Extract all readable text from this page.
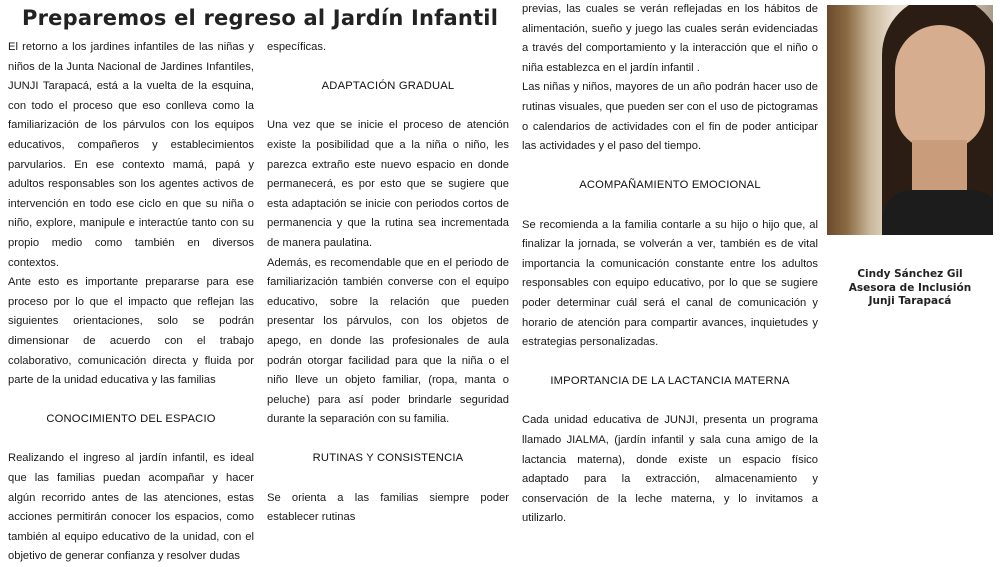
Preparemos el regreso al Jardín Infantil

El retorno a los jardines infantiles de las niñas y niños de la Junta Nacional de Jardines Infantiles, JUNJI Tarapacá, está a la vuelta de la esquina, con todo el proceso que eso conlleva como la familiarización de los párvulos con los equipos educativos, compañeros y establecimientos parvularios. En ese contexto mamá, papá y adultos responsables son los agentes activos de intervención en todo ese ciclo en que su niña o niño, explore, manipule e interactúe tanto con su propio medio como también en diversos contextos.

Ante esto es importante prepararse para ese proceso por lo que el impacto que reflejan las siguientes orientaciones, solo se podrán dimensionar de acuerdo con el trabajo colaborativo, comunicación directa y fluida por parte de la unidad educativa y las familias

CONOCIMIENTO DEL ESPACIO

Realizando el ingreso al jardín infantil, es ideal que las familias puedan acompañar y hacer algún recorrido antes de las atenciones, estas acciones permitirán conocer los espacios, como también al equipo educativo de la unidad, con el objetivo de generar confianza y resolver dudas

específicas.

ADAPTACIÓN GRADUAL

Una vez que se inicie el proceso de atención existe la posibilidad que a la niña o niño, les parezca extraño este nuevo espacio en donde permanecerá, es por esto que se sugiere que esta adaptación se inicie con periodos cortos de permanencia y que la rutina sea incrementada de manera paulatina.

Además, es recomendable que en el periodo de familiarización también converse con el equipo educativo, sobre la relación que pueden presentar los párvulos, con los objetos de apego, en donde las profesionales de aula podrán otorgar facilidad para que la niña o el niño lleve un objeto familiar, (ropa, manta o peluche) para así poder brindarle seguridad durante la separación con su familia.

RUTINAS Y CONSISTENCIA

Se orienta a las familias siempre poder establecer rutinas

previas, las cuales se verán reflejadas en los hábitos de alimentación, sueño y juego las cuales serán evidenciadas a través del comportamiento y la interacción que el niño o niña establezca en el jardín infantil .

Las niñas y niños, mayores de un año podrán hacer uso de rutinas visuales, que pueden ser con el uso de pictogramas o calendarios de actividades con el fin de poder anticipar las actividades y el paso del tiempo.

ACOMPAÑAMIENTO EMOCIONAL

Se recomienda a la familia contarle a su hijo o hijo que, al finalizar la jornada, se volverán a ver, también es de vital importancia la comunicación constante entre los adultos responsables con equipo educativo, por lo que se sugiere poder determinar cuál será el canal de comunicación y horario de atención para compartir avances, inquietudes y estrategias personalizadas.

IMPORTANCIA DE LA LACTANCIA MATERNA

Cada unidad educativa de JUNJI, presenta un programa llamado JIALMA, (jardín infantil y sala cuna amigo de la lactancia materna), donde existe un espacio físico adaptado para la extracción, almacenamiento y conservación de la leche materna, y lo invitamos a utilizarlo.

Cindy Sánchez Gil
Asesora de Inclusión
Junji Tarapacá
